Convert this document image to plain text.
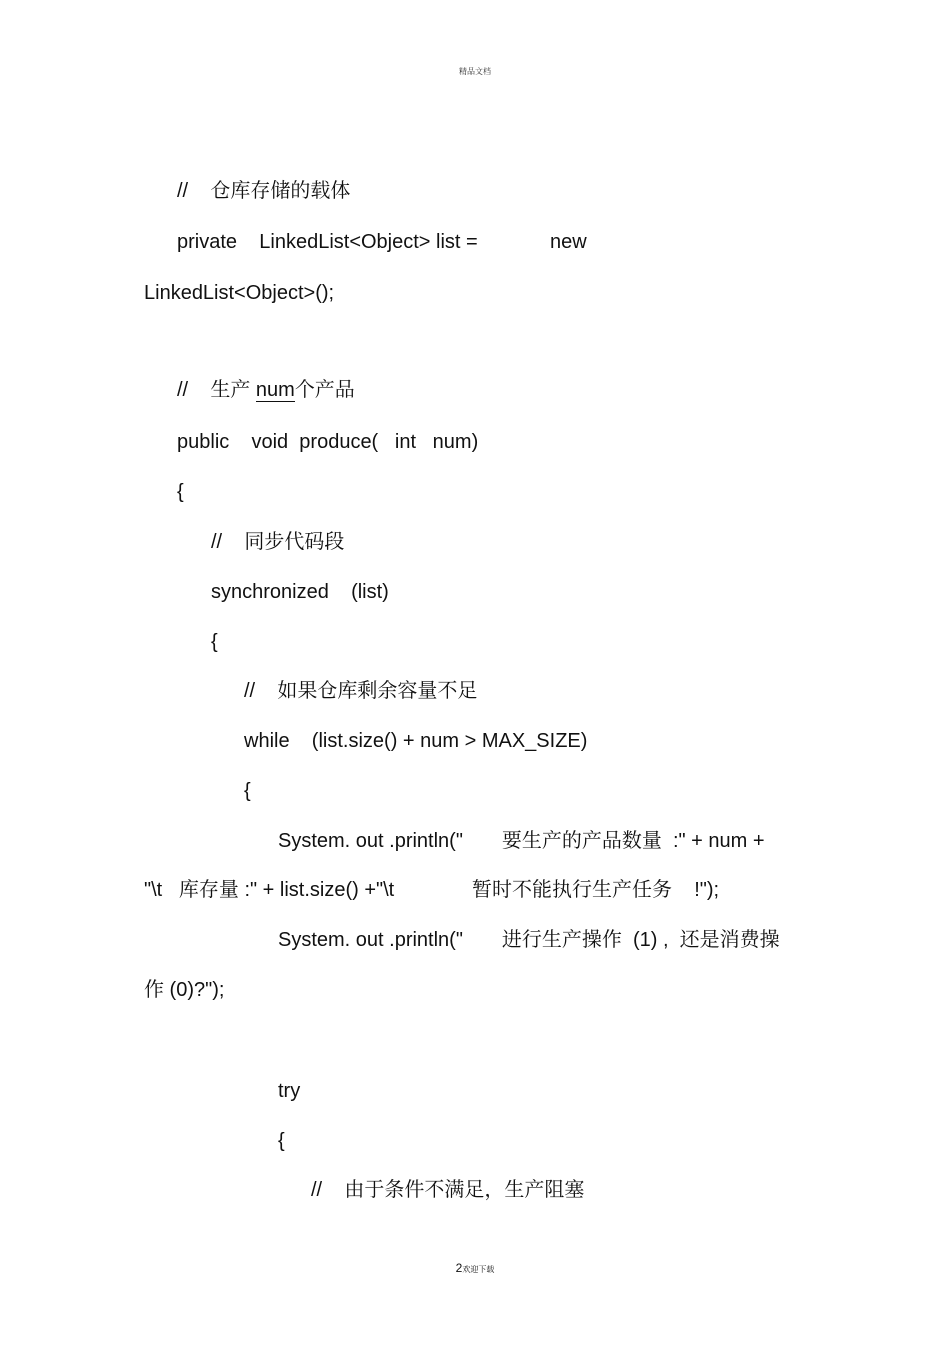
精品文档
//    仓库存储的载体
private    LinkedList<Object> list =             new
LinkedList<Object>();
//    生产 num个产品
public    void  produce(   int   num)
{
//    同步代码段
synchronized    (list)
{
//    如果仓库剩余容量不足
while    (list.size() + num > MAX_SIZE)
{
System. out .println("       要生产的产品数量  :" + num +
"\t   库存量 :" + list.size() +"\t              暂时不能执行生产任务    !");
System. out .println("       进行生产操作  (1) ,  还是消费操
作 (0)?");
try
{
//    由于条件不满足，生产阻塞
2欢迎下载
